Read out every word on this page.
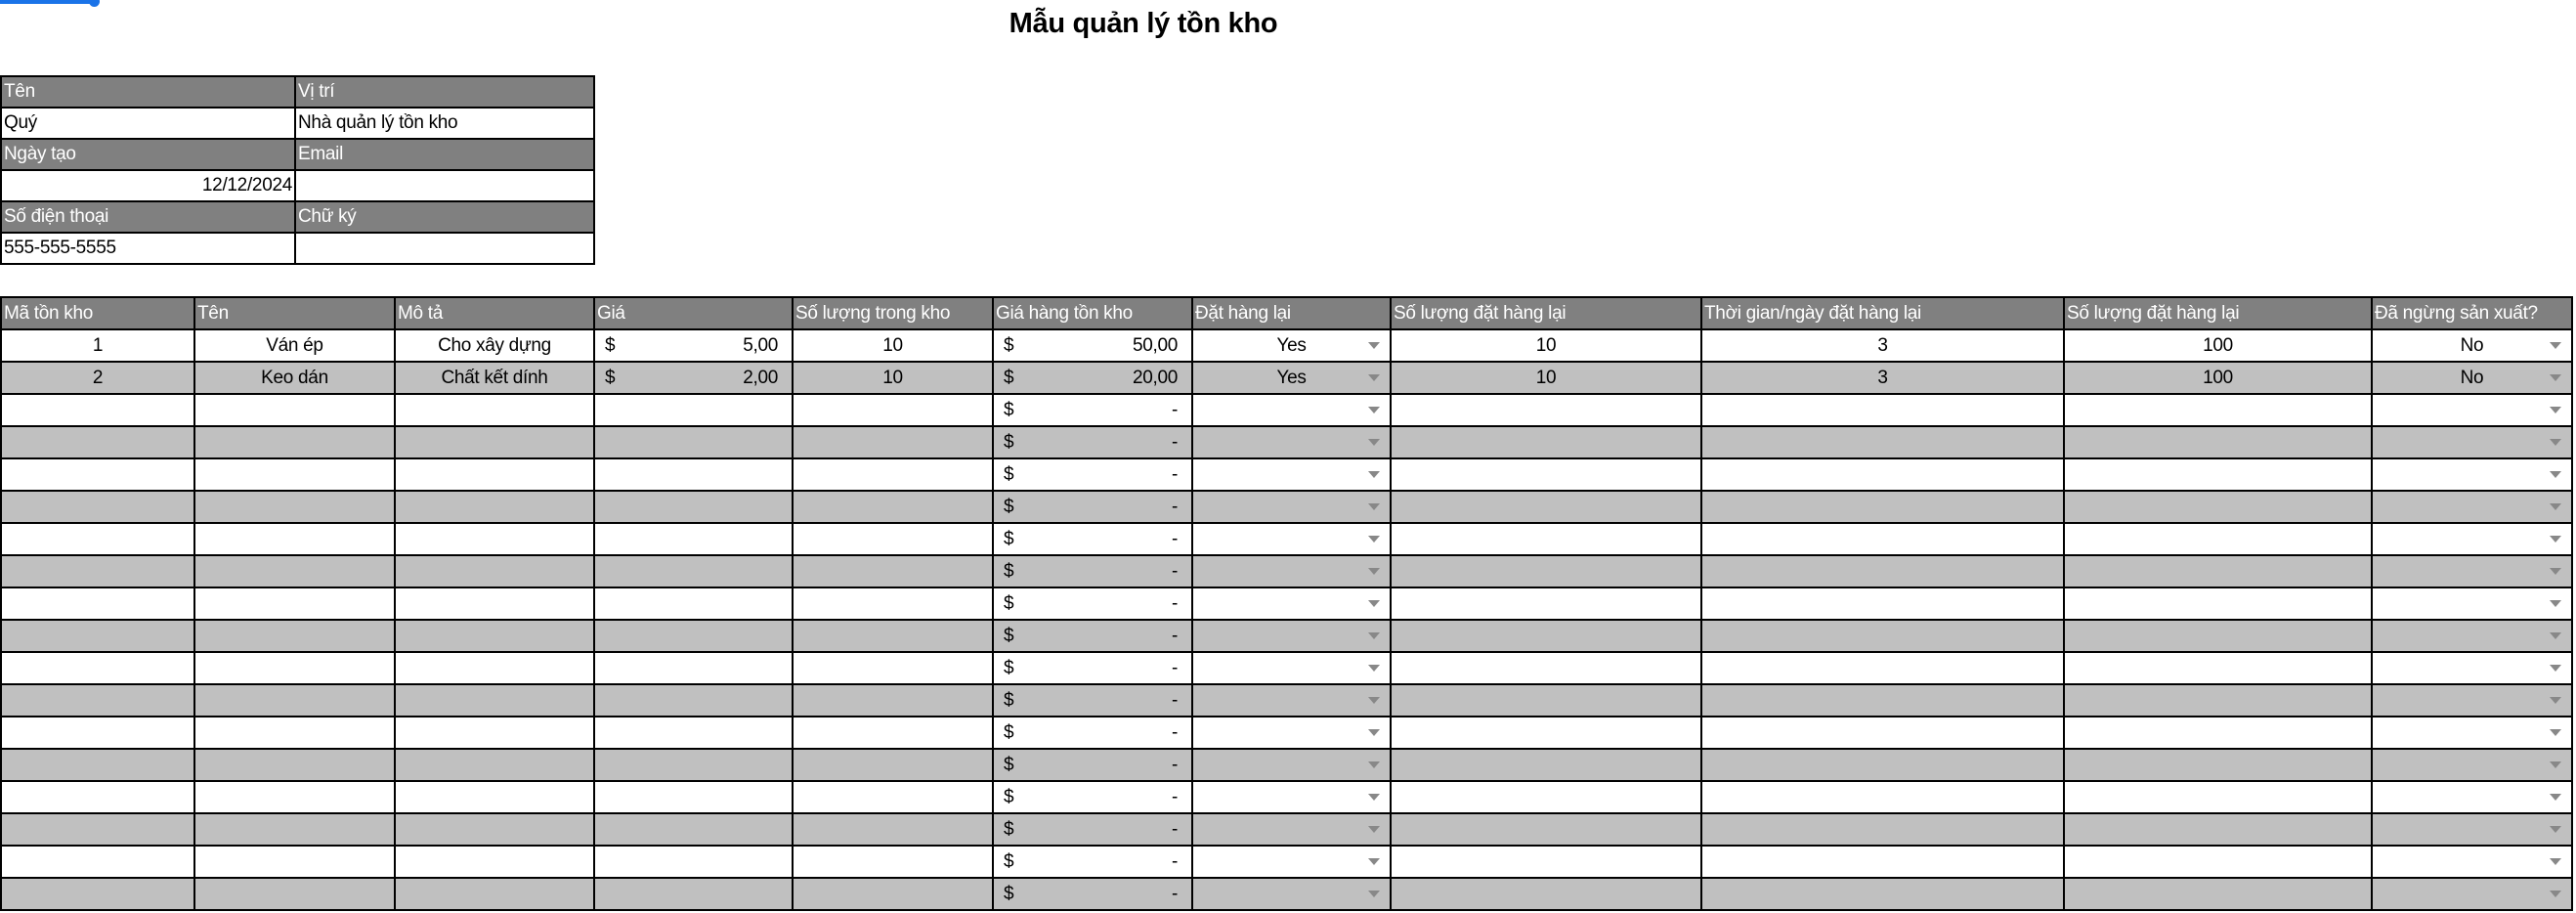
Mẫu quản lý tồn kho
Tên	Vị trí
Quý	Nhà quản lý tồn kho
Ngày tạo	Email
12/12/2024	
Số điện thoại	Chữ ký
555-555-5555	
Mã tồn kho	Tên	Mô tả	Giá	Số lượng trong kho	Giá hàng tồn kho	Đặt hàng lại	Số lượng đặt hàng lại	Thời gian/ngày đặt hàng lại	Số lượng đặt hàng lại	Đã ngừng sản xuất?
1	Ván ép	Cho xây dựng	$ 5,00	10	$ 50,00	Yes	10	3	100	No

2	Keo dán	Chất kết dính	$ 2,00	10	$ 20,00	Yes	10	3	100	No

					$ -					

					$ -					

					$ -					

					$ -					

					$ -					

					$ -					

					$ -					

					$ -					

					$ -					

					$ -					

					$ -					

					$ -					

					$ -					

					$ -					

					$ -					

					$ -					
